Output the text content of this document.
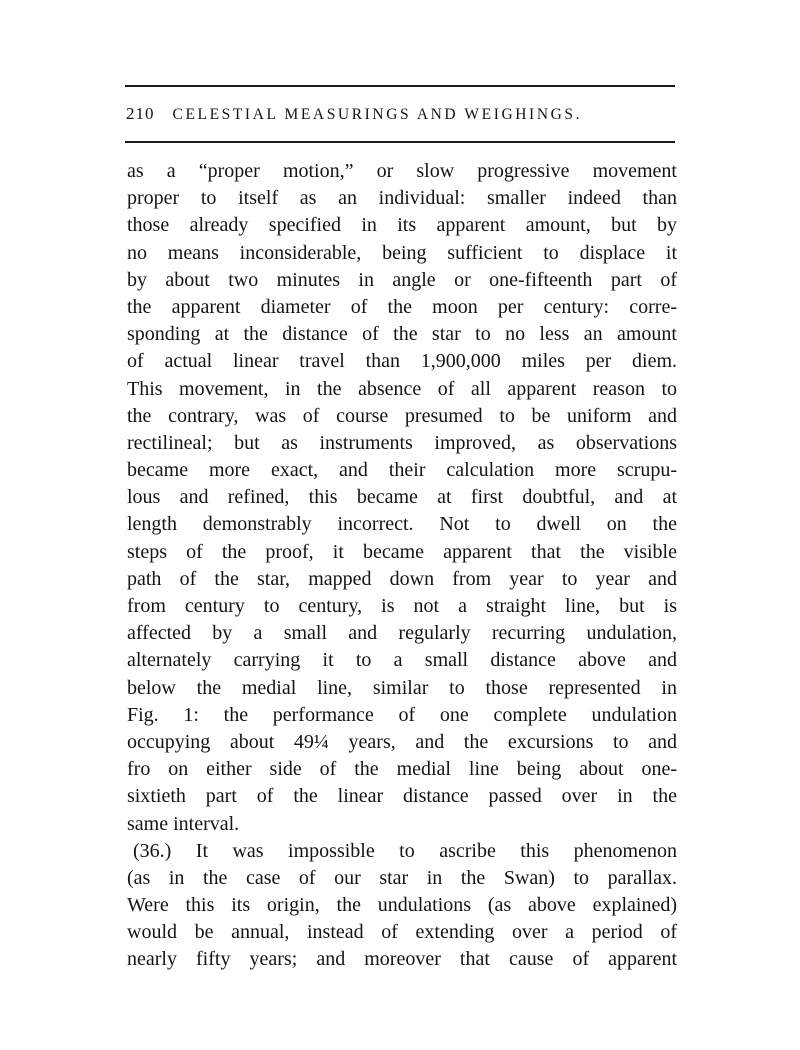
210 CELESTIAL MEASURINGS AND WEIGHINGS.
as a “proper motion,” or slow progressive movement
proper to itself as an individual: smaller indeed than
those already specified in its apparent amount, but by
no means inconsiderable, being sufficient to displace it
by about two minutes in angle or one-fifteenth part of
the apparent diameter of the moon per century: corre-
sponding at the distance of the star to no less an amount
of actual linear travel than 1,900,000 miles per diem.
This movement, in the absence of all apparent reason to
the contrary, was of course presumed to be uniform and
rectilineal; but as instruments improved, as observations
became more exact, and their calculation more scrupu-
lous and refined, this became at first doubtful, and at
length demonstrably incorrect. Not to dwell on the
steps of the proof, it became apparent that the visible
path of the star, mapped down from year to year and
from century to century, is not a straight line, but is
affected by a small and regularly recurring undulation,
alternately carrying it to a small distance above and
below the medial line, similar to those represented in
Fig. 1: the performance of one complete undulation
occupying about 49¼ years, and the excursions to and
fro on either side of the medial line being about one-
sixtieth part of the linear distance passed over in the
same interval.
(36.) It was impossible to ascribe this phenomenon
(as in the case of our star in the Swan) to parallax.
Were this its origin, the undulations (as above explained)
would be annual, instead of extending over a period of
nearly fifty years; and moreover that cause of apparent
